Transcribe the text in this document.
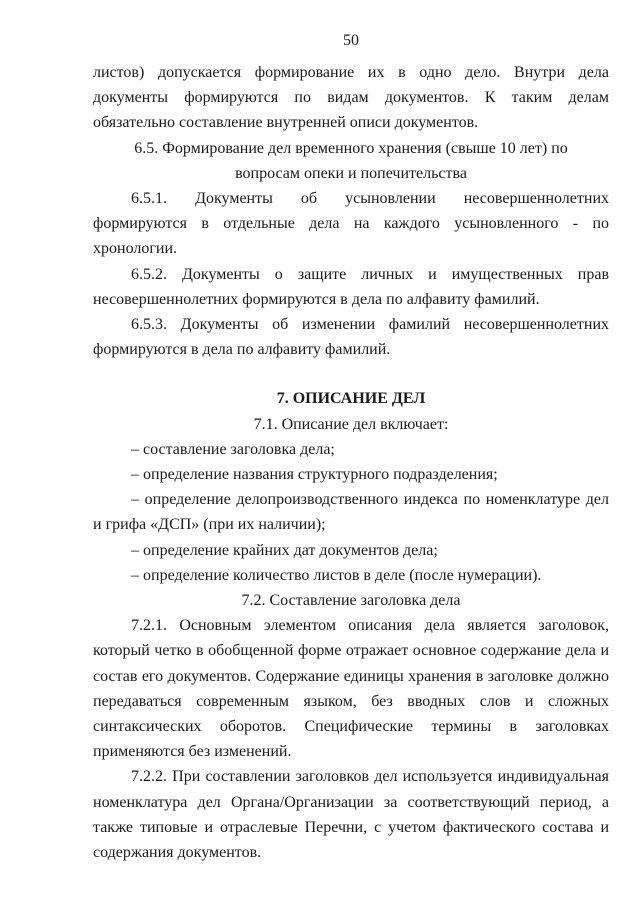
50

листов) допускается формирование их в одно дело. Внутри дела документы формируются по видам документов. К таким делам обязательно составление внутренней описи документов.

6.5. Формирование дел временного хранения (свыше 10 лет) по вопросам опеки и попечительства

6.5.1. Документы об усыновлении несовершеннолетних формируются в отдельные дела на каждого усыновленного - по хронологии.

6.5.2. Документы о защите личных и имущественных прав несовершеннолетних формируются в дела по алфавиту фамилий.

6.5.3. Документы об изменении фамилий несовершеннолетних формируются в дела по алфавиту фамилий.

7. ОПИСАНИЕ ДЕЛ

7.1. Описание дел включает:

– составление заголовка дела;

– определение названия структурного подразделения;

– определение делопроизводственного индекса по номенклатуре дел и грифа «ДСП» (при их наличии);

– определение крайних дат документов дела;

– определение количество листов в деле (после нумерации).

7.2. Составление заголовка дела

7.2.1. Основным элементом описания дела является заголовок, который четко в обобщенной форме отражает основное содержание дела и состав его документов. Содержание единицы хранения в заголовке должно передаваться современным языком, без вводных слов и сложных синтаксических оборотов. Специфические термины в заголовках применяются без изменений.

7.2.2. При составлении заголовков дел используется индивидуальная номенклатура дел Органа/Организации за соответствующий период, а также типовые и отраслевые Перечни, с учетом фактического состава и содержания документов.
